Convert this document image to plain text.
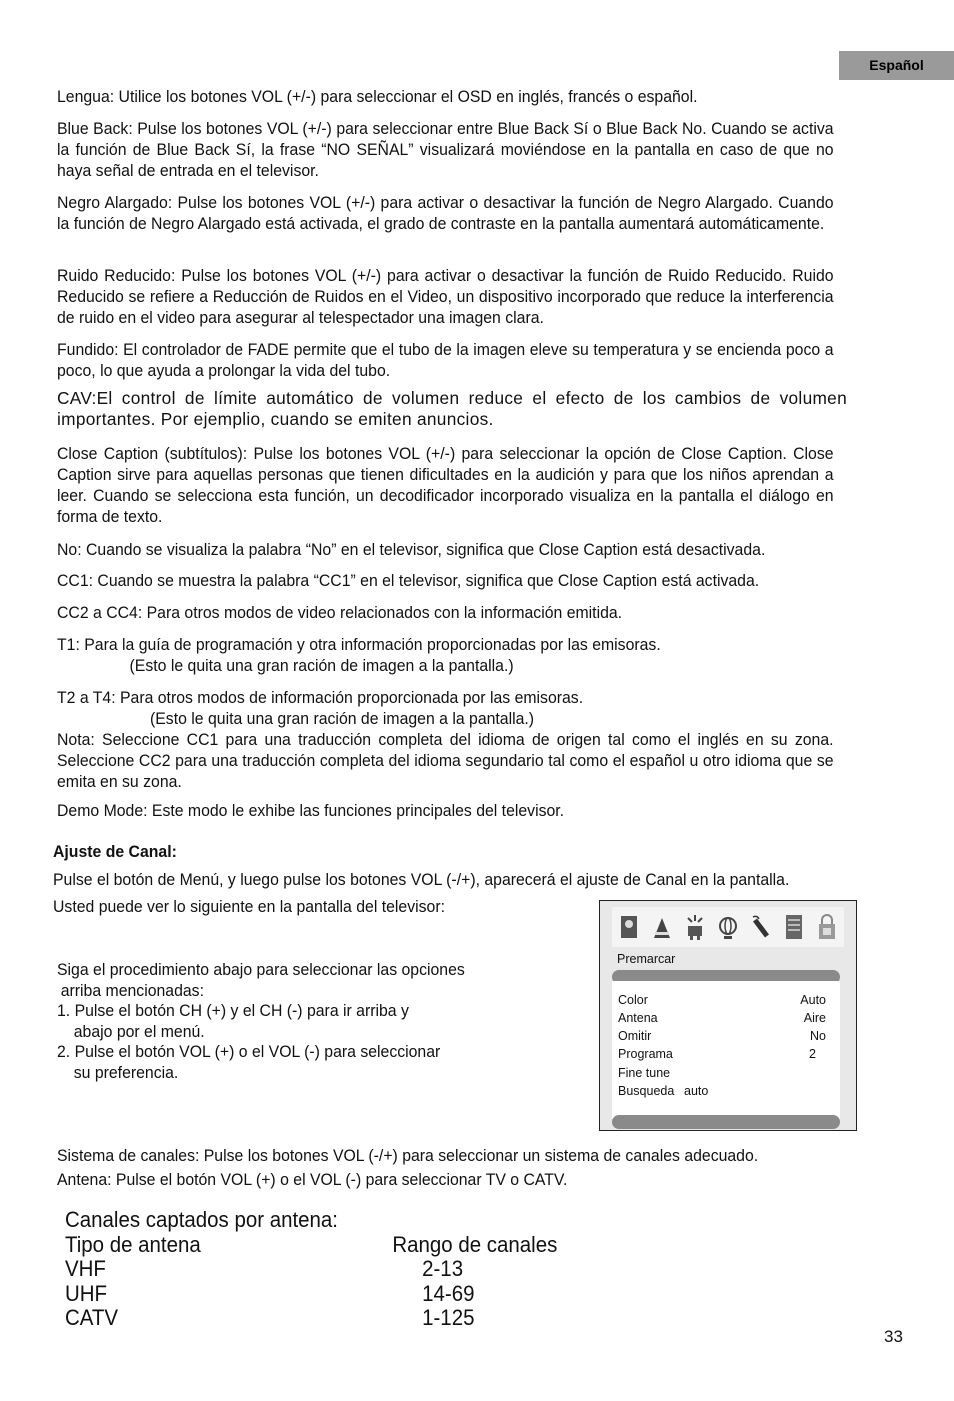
Español

Lengua: Utilice los botones VOL (+/-) para seleccionar el OSD en inglés, francés o español.

Blue Back: Pulse los botones VOL (+/-) para seleccionar entre Blue Back Sí o Blue Back No. Cuando se activa la función de Blue Back Sí, la frase “NO SEÑAL” visualizará moviéndose en la pantalla en caso de que no haya señal de entrada en el televisor.

Negro Alargado: Pulse los botones VOL (+/-) para activar o desactivar la función de Negro Alargado. Cuando la función de Negro Alargado está activada, el grado de contraste en la pantalla aumentará automáticamente.

Ruido Reducido: Pulse los botones VOL (+/-) para activar o desactivar la función de Ruido Reducido. Ruido Reducido se refiere a Reducción de Ruidos en el Video, un dispositivo incorporado que reduce la interferencia de ruido en el video para asegurar al telespectador una imagen clara.

Fundido: El controlador de FADE permite que el tubo de la imagen eleve su temperatura y se encienda poco a poco, lo que ayuda a prolongar la vida del tubo.

CAV:El control de límite automático de volumen reduce el efecto de los cambios de volumen importantes. Por ejemplio, cuando se emiten anuncios.

Close Caption (subtítulos): Pulse los botones VOL (+/-) para seleccionar la opción de Close Caption. Close Caption sirve para aquellas personas que tienen dificultades en la audición y para que los niños aprendan a leer. Cuando se selecciona esta función, un decodificador incorporado visualiza en la pantalla el diálogo en forma de texto.

No: Cuando se visualiza la palabra “No” en el televisor, significa que Close Caption está desactivada.

CC1: Cuando se muestra la palabra “CC1” en el televisor, significa que Close Caption está activada.

CC2 a CC4: Para otros modos de video relacionados con la información emitida.

T1: Para la guía de programación y otra información proporcionadas por las emisoras.
(Esto le quita una gran ración de imagen a la pantalla.)

T2 a T4: Para otros modos de información proporcionada por las emisoras.
(Esto le quita una gran ración de imagen a la pantalla.)

Nota: Seleccione CC1 para una traducción completa del idioma de origen tal como el inglés en su zona. Seleccione CC2 para una traducción completa del idioma segundario tal como el español u otro idioma que se emita en su zona.

Demo Mode: Este modo le exhibe las funciones principales del televisor.

Ajuste de Canal:

Pulse el botón de Menú, y luego pulse los botones VOL (-/+), aparecerá el ajuste de Canal en la pantalla.

Usted puede ver lo siguiente en la pantalla del televisor:

Siga el procedimiento abajo para seleccionar las opciones

arriba mencionadas:
1. Pulse el botón CH (+) y el CH (-) para ir arriba y

abajo por el menú.
2. Pulse el botón VOL (+) o el VOL (-) para seleccionar

su preferencia.
Premarcar
Color	Auto
Antena	Aire
Omitir	No
Programa	2
Fine tune
Busqueda auto

Sistema de canales: Pulse los botones VOL (-/+) para seleccionar un sistema de canales adecuado.

Antena: Pulse el botón VOL (+) o el VOL (-) para seleccionar TV o CATV.

Canales captados por antena:
Tipo de antena	Rango de canales
VHF	2-13
UHF	14-69
CATV	1-125
33
